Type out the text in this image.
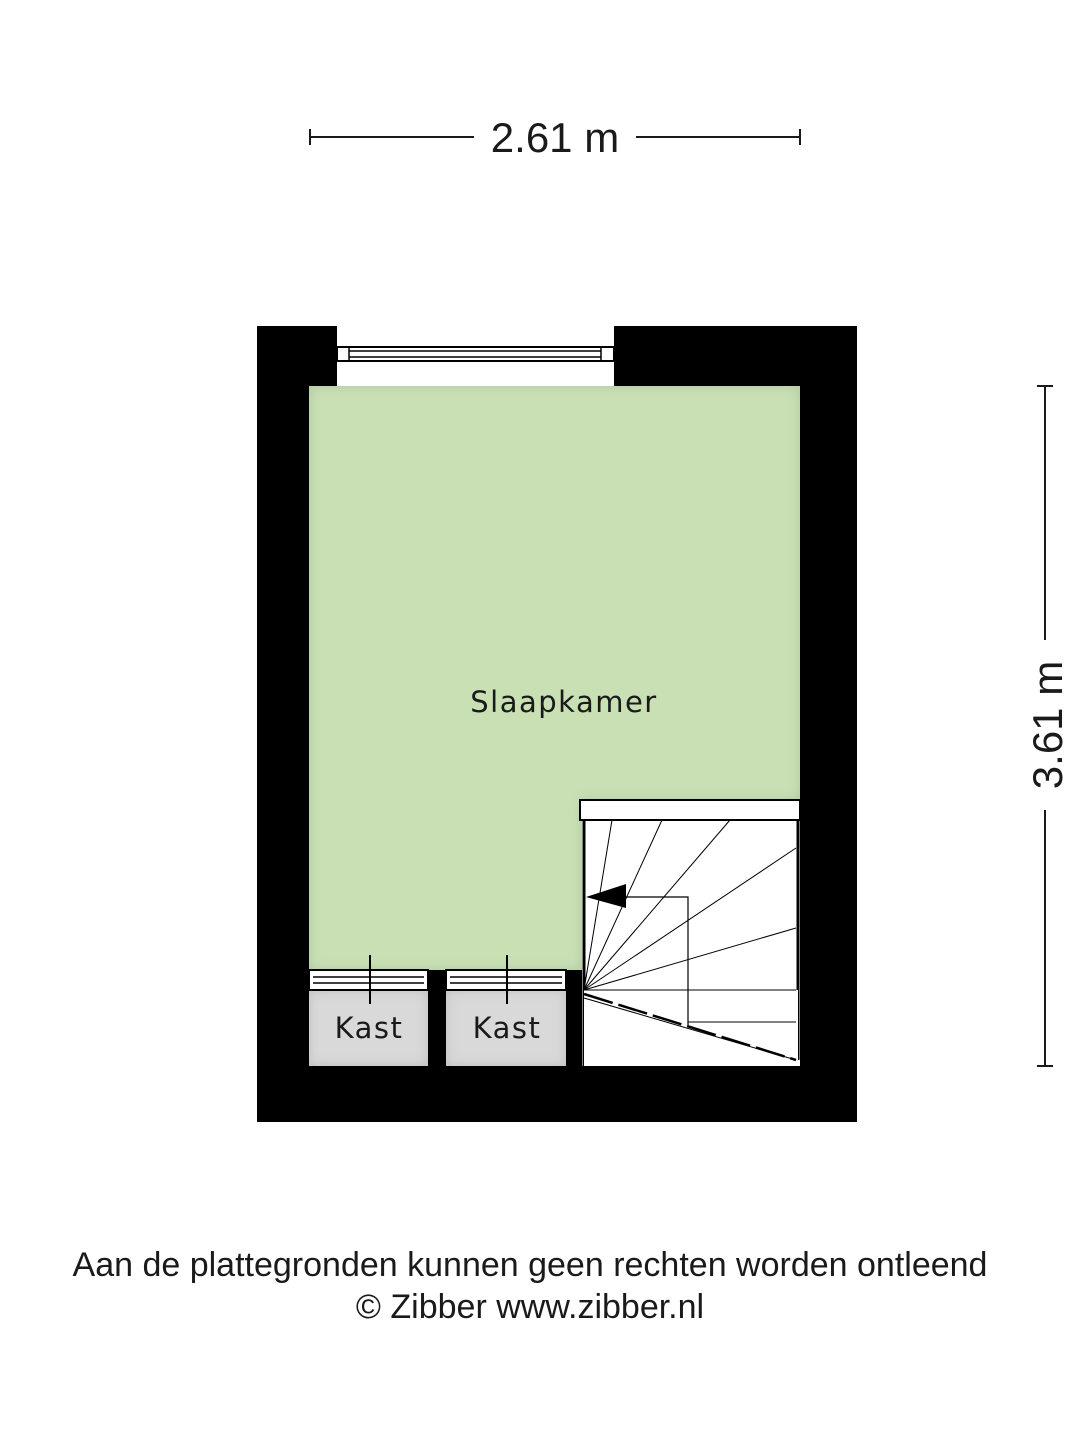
2.61 m
3.61 m
Slaapkamer
Kast Kast
Aan de plattegronden kunnen geen rechten worden ontleend
© Zibber www.zibber.nl
